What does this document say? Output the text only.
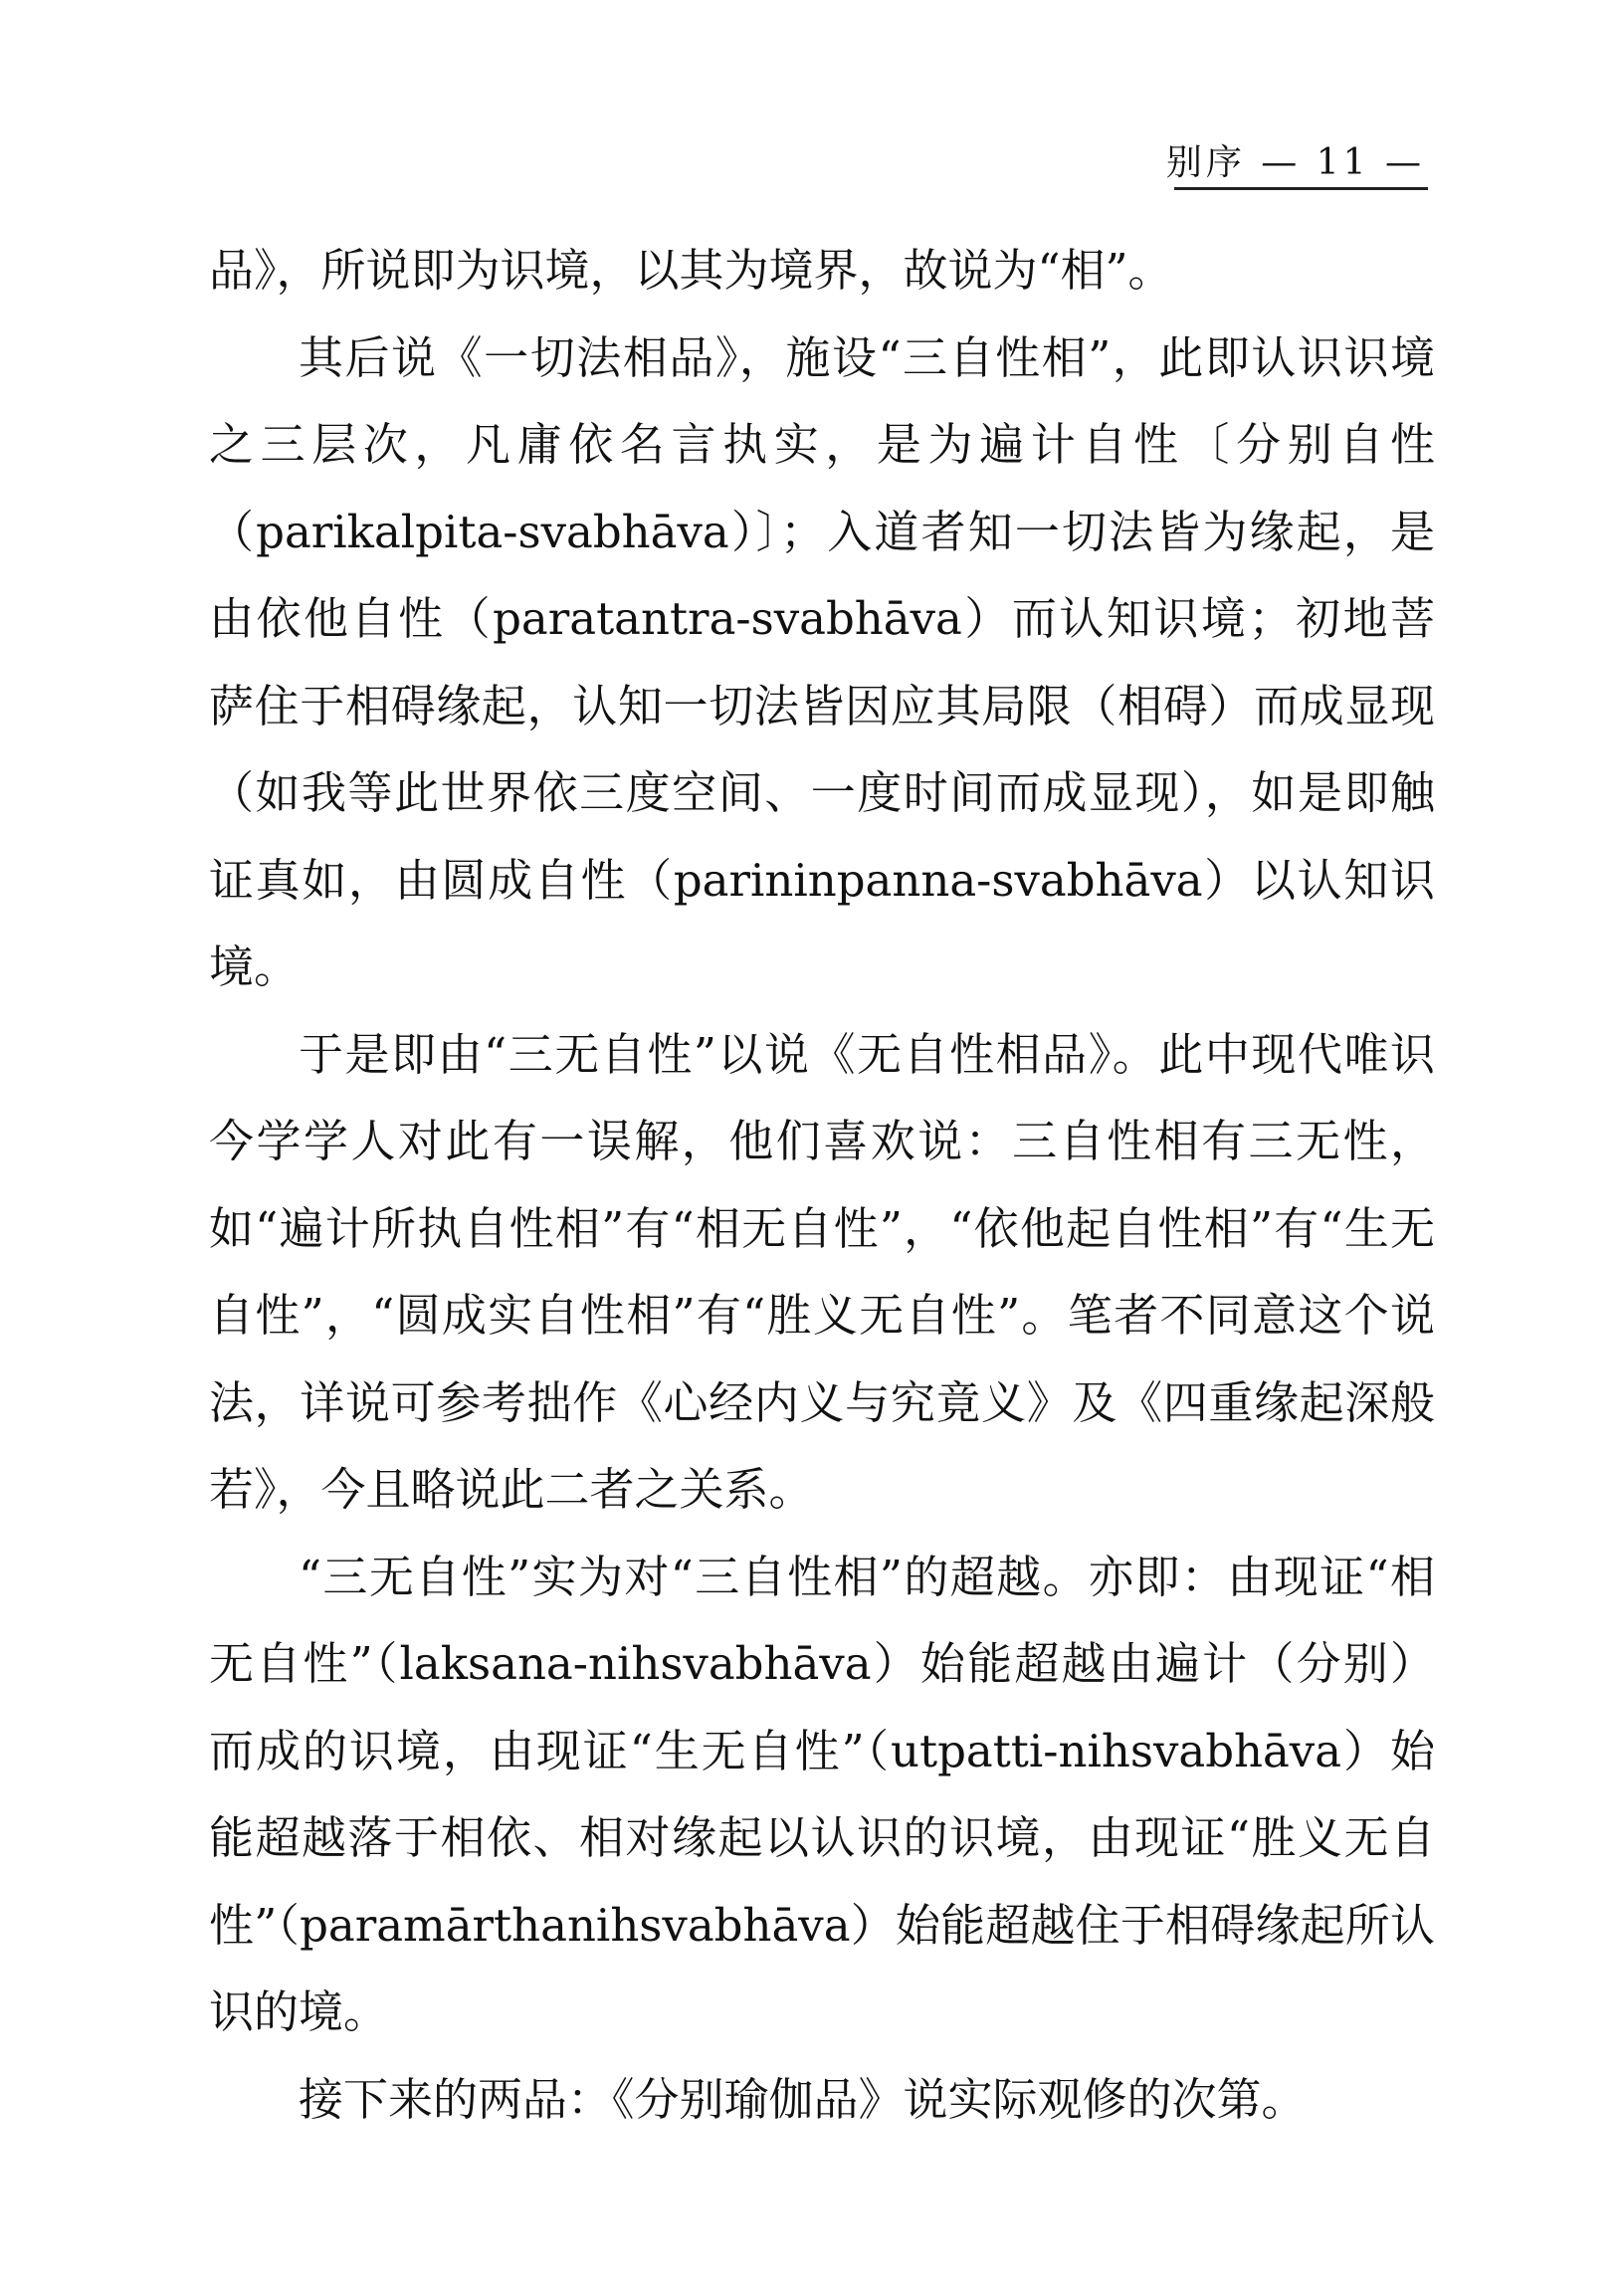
别序 — 11 —

品》，所说即为识境，以其为境界，故说为“相”。

其后说《一切法相品》，施设“三自性相”，此即认识识境之三层次，凡庸依名言执实，是为遍计自性〔分别自性（parikalpita-svabhāva）〕；入道者知一切法皆为缘起，是由依他自性（paratantra-svabhāva）而认知识境；初地菩萨住于相碍缘起，认知一切法皆因应其局限（相碍）而成显现（如我等此世界依三度空间、一度时间而成显现），如是即触证真如，由圆成自性（parininpanna-svabhāva）以认知识境。

于是即由“三无自性”以说《无自性相品》。此中现代唯识今学学人对此有一误解，他们喜欢说：三自性相有三无性，如“遍计所执自性相”有“相无自性”，“依他起自性相”有“生无自性”，“圆成实自性相”有“胜义无自性”。笔者不同意这个说法，详说可参考拙作《心经内义与究竟义》及《四重缘起深般若》，今且略说此二者之关系。

“三无自性”实为对“三自性相”的超越。亦即：由现证“相无自性”（laksana-nihsvabhāva）始能超越由遍计（分别）而成的识境，由现证“生无自性”（utpatti-nihsvabhāva）始能超越落于相依、相对缘起以认识的识境，由现证“胜义无自性”（paramārthanihsvabhāva）始能超越住于相碍缘起所认识的境。

接下来的两品：《分别瑜伽品》说实际观修的次第。
